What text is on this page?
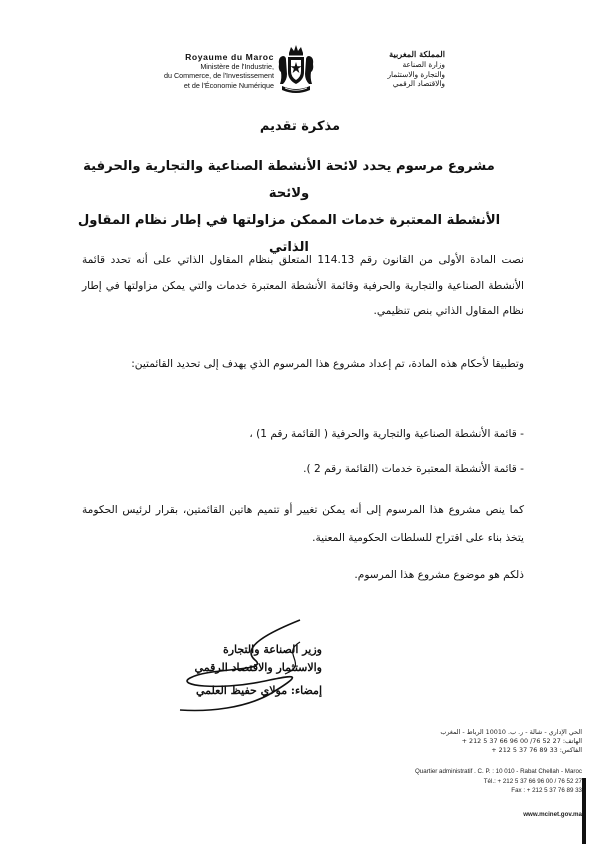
Royaume du Maroc
Ministère de l'Industrie,
du Commerce, de l'Investissement
et de l'Économie Numérique
المملكة المغربية
وزارة الصناعة
والتجارة والاستثمار
والاقتصاد الرقمي
مذكرة تقديم
مشروع مرسوم يحدد لائحة الأنشطة الصناعية والتجارية والحرفية ولائحة
الأنشطة المعتبرة خدمات الممكن مزاولتها في إطار نظام المقاول الذاتي
نصت المادة الأولى من القانون رقم 114.13 المتعلق بنظام المقاول الذاتي على أنه تحدد قائمة الأنشطة الصناعية والتجارية والحرفية وقائمة الأنشطة المعتبرة خدمات والتي يمكن مزاولتها في إطار نظام المقاول الذاتي بنص تنظيمي.
وتطبيقا لأحكام هذه المادة، تم إعداد مشروع هذا المرسوم الذي يهدف إلى تحديد القائمتين:
- قائمة الأنشطة الصناعية والتجارية والحرفية ( القائمة رقم 1) ،
- قائمة الأنشطة المعتبرة خدمات (القائمة رقم 2 ).
كما ينص مشروع هذا المرسوم إلى أنه يمكن تغيير أو تتميم هاتين القائمتين، بقرار لرئيس الحكومة يتخذ بناء على اقتراح للسلطات الحكومية المعنية.
ذلكم هو موضوع مشروع هذا المرسوم.
وزير الصناعة والتجارة
والاستثمار والاقتصاد الرقمي
إمضاء: مولاي حفيظ العلمي
الحي الإداري - شالة - ر. ب. 10010 الرباط - المغرب
الهاتف: 27 52 76/ 00 96 66 37 5 212 +
الفاكس: 33 89 76 37 5 212 +
Quartier administratif . C. P. : 10 010 - Rabat Chellah - Maroc
Tél.: + 212 5 37 66 96 00 / 76 52 27
Fax : + 212 5 37 76 89 33
www.mcinet.gov.ma
